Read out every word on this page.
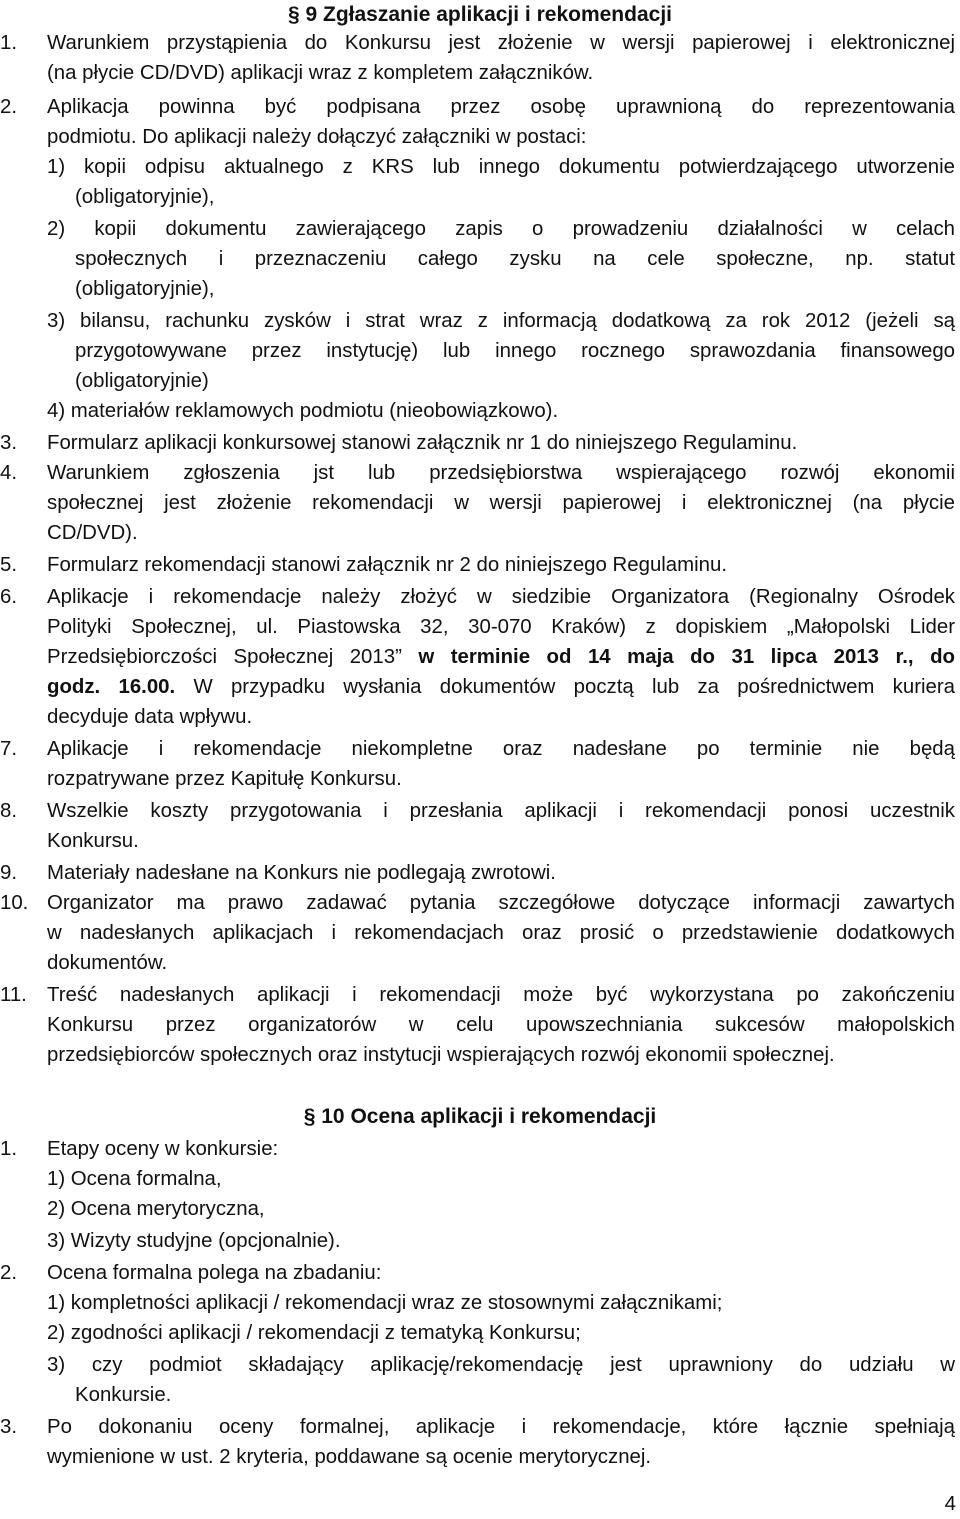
§ 9 Zgłaszanie aplikacji i rekomendacji
1. Warunkiem przystąpienia do Konkursu jest złożenie w wersji papierowej i elektronicznej
(na płycie CD/DVD) aplikacji wraz z kompletem załączników.
2. Aplikacja powinna być podpisana przez osobę uprawnioną do reprezentowania
podmiotu. Do aplikacji należy dołączyć załączniki w postaci:
1) kopii odpisu aktualnego z KRS lub innego dokumentu potwierdzającego utworzenie
(obligatoryjnie),
2) kopii dokumentu zawierającego zapis o prowadzeniu działalności w celach
społecznych i przeznaczeniu całego zysku na cele społeczne, np. statut
(obligatoryjnie),
3) bilansu, rachunku zysków i strat wraz z informacją dodatkową za rok 2012 (jeżeli są
przygotowywane przez instytucję) lub innego rocznego sprawozdania finansowego
(obligatoryjnie)
4) materiałów reklamowych podmiotu (nieobowiązkowo).
3. Formularz aplikacji konkursowej stanowi załącznik nr 1 do niniejszego Regulaminu.
4. Warunkiem zgłoszenia jst lub przedsiębiorstwa wspierającego rozwój ekonomii
społecznej jest złożenie rekomendacji w wersji papierowej i elektronicznej (na płycie
CD/DVD).
5. Formularz rekomendacji stanowi załącznik nr 2 do niniejszego Regulaminu.
6. Aplikacje i rekomendacje należy złożyć w siedzibie Organizatora (Regionalny Ośrodek
Polityki Społecznej, ul. Piastowska 32, 30-070 Kraków) z dopiskiem „Małopolski Lider
Przedsiębiorczości Społecznej 2013” w terminie od 14 maja do 31 lipca 2013 r., do
godz. 16.00. W przypadku wysłania dokumentów pocztą lub za pośrednictwem kuriera
decyduje data wpływu.
7. Aplikacje i rekomendacje niekompletne oraz nadesłane po terminie nie będą
rozpatrywane przez Kapitułę Konkursu.
8. Wszelkie koszty przygotowania i przesłania aplikacji i rekomendacji ponosi uczestnik
Konkursu.
9. Materiały nadesłane na Konkurs nie podlegają zwrotowi.
10. Organizator ma prawo zadawać pytania szczegółowe dotyczące informacji zawartych
w nadesłanych aplikacjach i rekomendacjach oraz prosić o przedstawienie dodatkowych
dokumentów.
11. Treść nadesłanych aplikacji i rekomendacji może być wykorzystana po zakończeniu
Konkursu przez organizatorów w celu upowszechniania sukcesów małopolskich
przedsiębiorców społecznych oraz instytucji wspierających rozwój ekonomii społecznej.
§ 10 Ocena aplikacji i rekomendacji
1. Etapy oceny w konkursie:
1) Ocena formalna,
2) Ocena merytoryczna,
3) Wizyty studyjne (opcjonalnie).
2. Ocena formalna polega na zbadaniu:
1) kompletności aplikacji / rekomendacji wraz ze stosownymi załącznikami;
2) zgodności aplikacji / rekomendacji z tematyką Konkursu;
3) czy podmiot składający aplikację/rekomendację jest uprawniony do udziału w
Konkursie.
3. Po dokonaniu oceny formalnej, aplikacje i rekomendacje, które łącznie spełniają
wymienione w ust. 2 kryteria, poddawane są ocenie merytorycznej.
4
